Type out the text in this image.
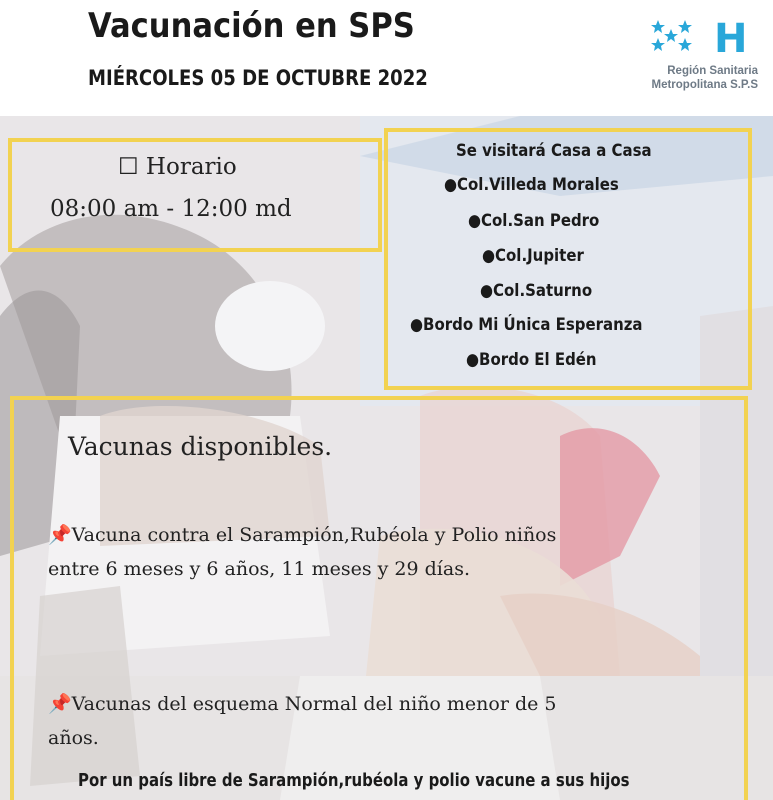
Vacunación en SPS
MIÉRCOLES 05 DE OCTUBRE 2022
H
Región Sanitaria
Metropolitana S.P.S
☐ Horario
08:00 am - 12:00 md
Se visitará Casa a Casa
●Col.Villeda Morales
●Col.San Pedro
●Col.Jupiter
●Col.Saturno
●Bordo Mi Única Esperanza
●Bordo El Edén
Vacunas disponibles.
📌Vacuna contra el Sarampión,Rubéola y Polio niños
entre 6 meses y 6 años, 11 meses y 29 días.
📌Vacunas del esquema Normal del niño menor de 5
años.
Por un país libre de Sarampión,rubéola y polio vacune a sus hijos
